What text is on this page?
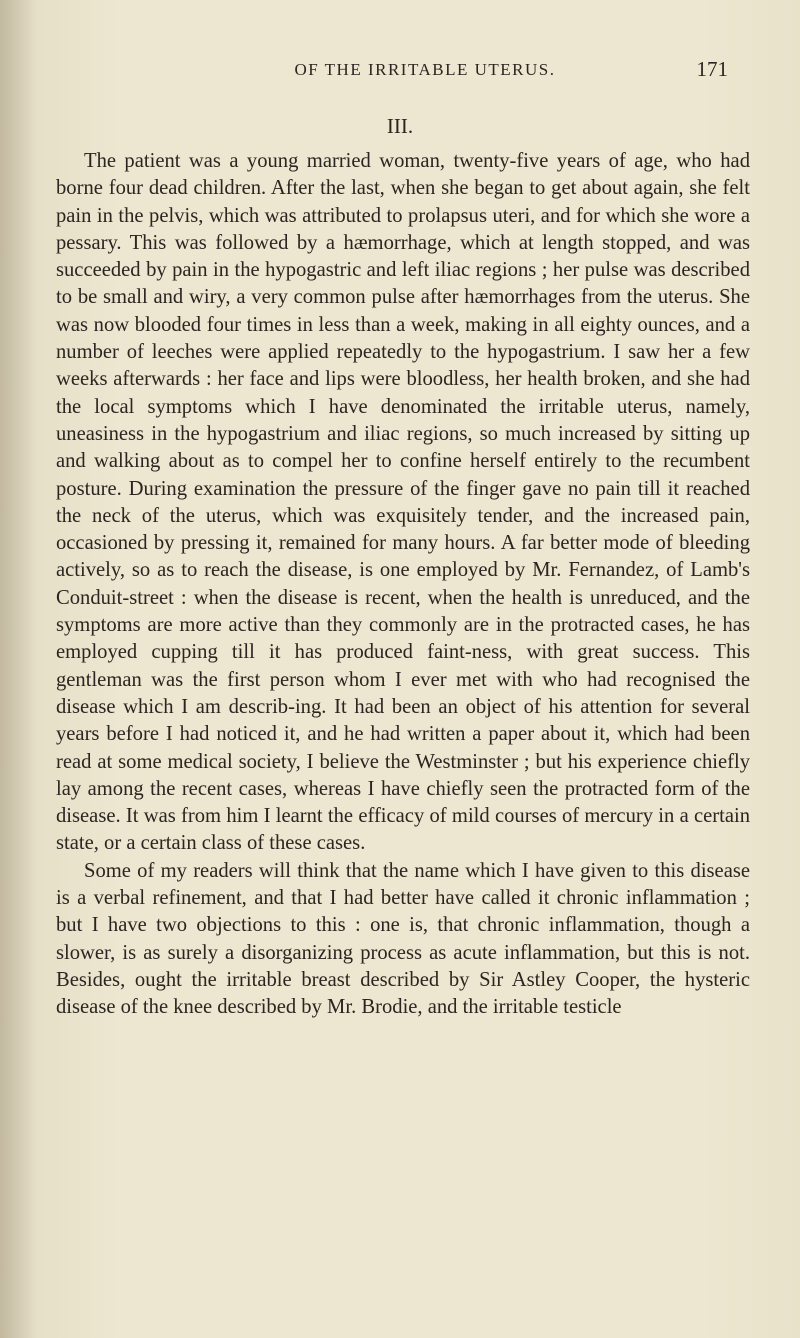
OF THE IRRITABLE UTERUS.	171
III.

The patient was a young married woman, twenty-five years of age, who had borne four dead children. After the last, when she began to get about again, she felt pain in the pelvis, which was attributed to prolapsus uteri, and for which she wore a pessary. This was followed by a hæmorrhage, which at length stopped, and was succeeded by pain in the hypogastric and left iliac regions ; her pulse was described to be small and wiry, a very common pulse after hæmorrhages from the uterus. She was now blooded four times in less than a week, making in all eighty ounces, and a number of leeches were applied repeatedly to the hypogastrium. I saw her a few weeks afterwards : her face and lips were bloodless, her health broken, and she had the local symptoms which I have denominated the irritable uterus, namely, uneasiness in the hypogastrium and iliac regions, so much increased by sitting up and walking about as to compel her to confine herself entirely to the recumbent posture. During examination the pressure of the finger gave no pain till it reached the neck of the uterus, which was exquisitely tender, and the increased pain, occasioned by pressing it, remained for many hours. A far better mode of bleeding actively, so as to reach the disease, is one employed by Mr. Fernandez, of Lamb's Conduit-street : when the disease is recent, when the health is unreduced, and the symptoms are more active than they commonly are in the protracted cases, he has employed cupping till it has produced faint-ness, with great success. This gentleman was the first person whom I ever met with who had recognised the disease which I am describ-ing. It had been an object of his attention for several years before I had noticed it, and he had written a paper about it, which had been read at some medical society, I believe the Westminster ; but his experience chiefly lay among the recent cases, whereas I have chiefly seen the protracted form of the disease. It was from him I learnt the efficacy of mild courses of mercury in a certain state, or a certain class of these cases.

Some of my readers will think that the name which I have given to this disease is a verbal refinement, and that I had better have called it chronic inflammation ; but I have two objections to this : one is, that chronic inflammation, though a slower, is as surely a disorganizing process as acute inflammation, but this is not. Besides, ought the irritable breast described by Sir Astley Cooper, the hysteric disease of the knee described by Mr. Brodie, and the irritable testicle
